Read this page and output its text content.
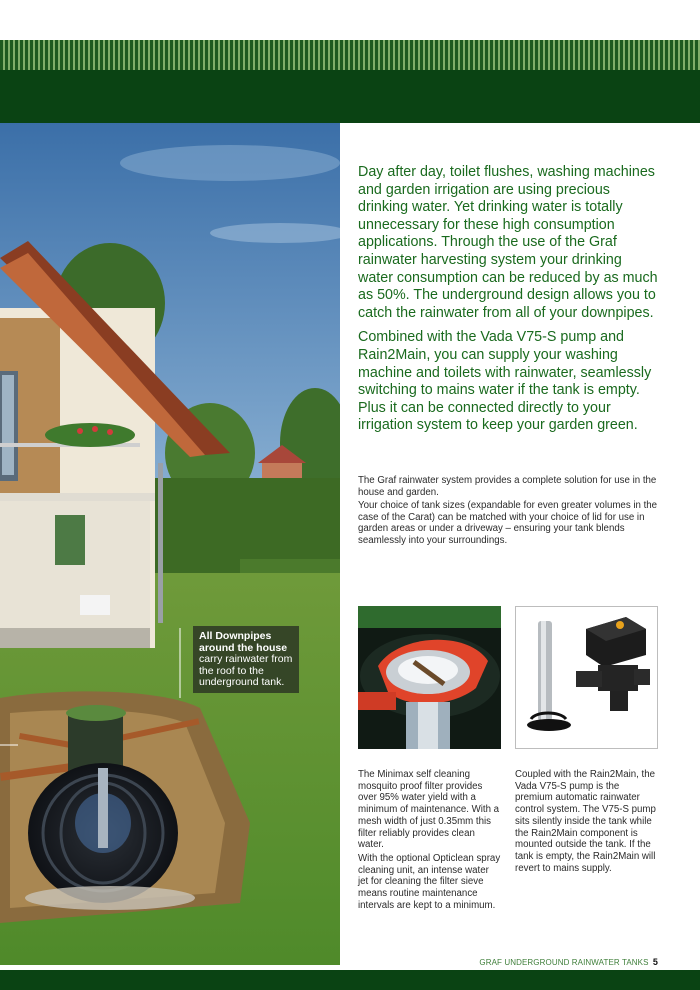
All Downpipes around the house
carry rainwater from the roof to the underground tank.

Day after day, toilet flushes, washing machines and garden irrigation are using precious drinking water. Yet drinking water is totally unnecessary for these high consumption applications. Through the use of the Graf rainwater harvesting system your drinking water consumption can be reduced by as much as 50%. The underground design allows you to catch the rainwater from all of your downpipes.

Combined with the Vada V75-S pump and Rain2Main, you can supply your washing machine and toilets with rainwater, seamlessly switching to mains water if the tank is empty. Plus it can be connected directly to your irrigation system to keep your garden green.

The Graf rainwater system provides a complete solution for use in the house and garden.

Your choice of tank sizes (expandable for even greater volumes in the case of the Carat) can be matched with your choice of lid for use in garden areas or under a driveway – ensuring your tank blends seamlessly into your surroundings.

The Minimax self cleaning mosquito proof filter provides over 95% water yield with a minimum of maintenance. With a mesh width of just 0.35mm this filter reliably provides clean water.

With the optional Opticlean spray cleaning unit, an intense water jet for cleaning the filter sieve means routine maintenance intervals are kept to a minimum.

Coupled with the Rain2Main, the Vada V75-S pump is the premium automatic rainwater control system. The V75-S pump sits silently inside the tank while the Rain2Main component is mounted outside the tank. If the tank is empty, the Rain2Main will revert to mains supply.

GRAF UNDERGROUND RAINWATER TANKS 5
